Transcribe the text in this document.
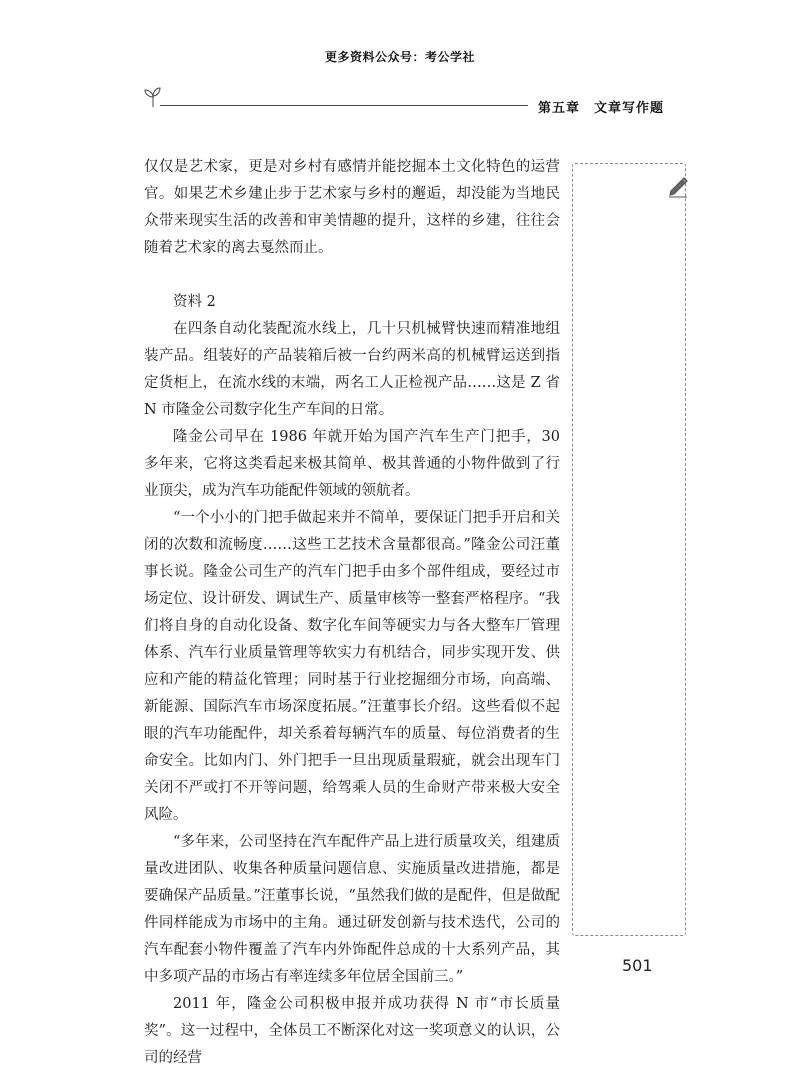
更多资料公众号：考公学社
第五章 文章写作题

仅仅是艺术家，更是对乡村有感情并能挖掘本土文化特色的运营官。如果艺术乡建止步于艺术家与乡村的邂逅，却没能为当地民众带来现实生活的改善和审美情趣的提升，这样的乡建，往往会随着艺术家的离去戛然而止。

资料 2

在四条自动化装配流水线上，几十只机械臂快速而精准地组装产品。组装好的产品装箱后被一台约两米高的机械臂运送到指定货柜上，在流水线的末端，两名工人正检视产品……这是 Z 省 N 市隆金公司数字化生产车间的日常。

隆金公司早在 1986 年就开始为国产汽车生产门把手，30 多年来，它将这类看起来极其简单、极其普通的小物件做到了行业顶尖，成为汽车功能配件领域的领航者。

“一个小小的门把手做起来并不简单，要保证门把手开启和关闭的次数和流畅度……这些工艺技术含量都很高。”隆金公司汪董事长说。隆金公司生产的汽车门把手由多个部件组成，要经过市场定位、设计研发、调试生产、质量审核等一整套严格程序。“我们将自身的自动化设备、数字化车间等硬实力与各大整车厂管理体系、汽车行业质量管理等软实力有机结合，同步实现开发、供应和产能的精益化管理；同时基于行业挖掘细分市场，向高端、新能源、国际汽车市场深度拓展。”汪董事长介绍。这些看似不起眼的汽车功能配件，却关系着每辆汽车的质量、每位消费者的生命安全。比如内门、外门把手一旦出现质量瑕疵，就会出现车门关闭不严或打不开等问题，给驾乘人员的生命财产带来极大安全风险。

“多年来，公司坚持在汽车配件产品上进行质量攻关，组建质量改进团队、收集各种质量问题信息、实施质量改进措施，都是要确保产品质量。”汪董事长说，“虽然我们做的是配件，但是做配件同样能成为市场中的主角。通过研发创新与技术迭代，公司的汽车配套小物件覆盖了汽车内外饰配件总成的十大系列产品，其中多项产品的市场占有率连续多年位居全国前三。”

2011 年，隆金公司积极申报并成功获得 N 市“市长质量奖”。这一过程中，全体员工不断深化对这一奖项意义的认识，公司的经营

501
